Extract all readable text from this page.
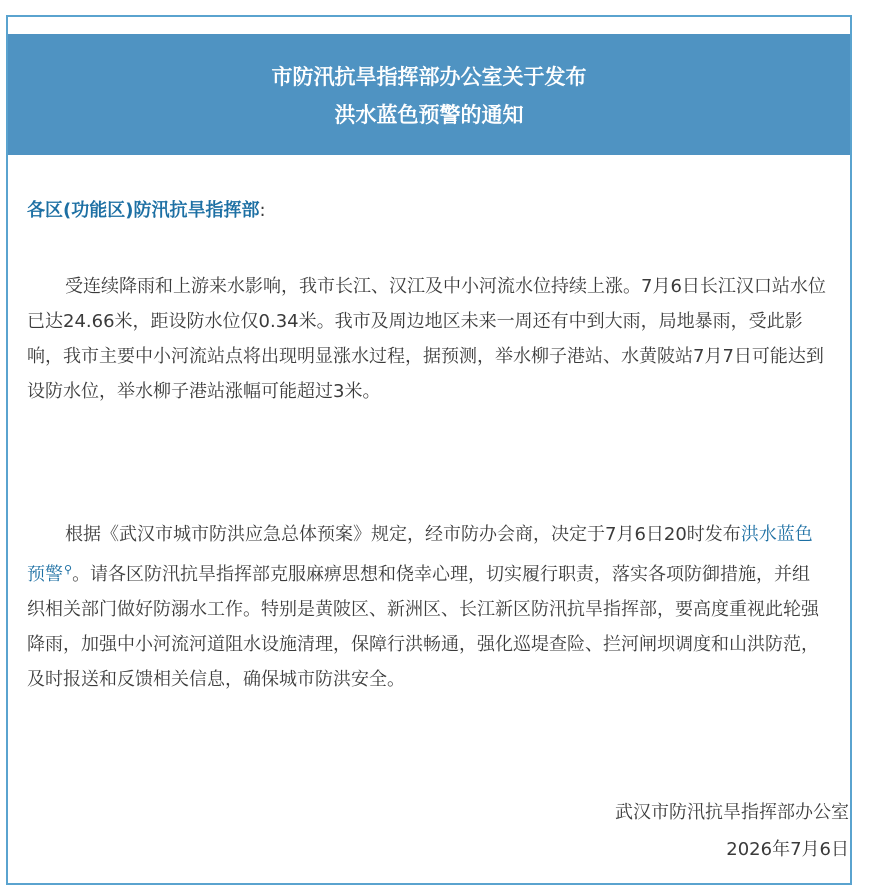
市防汛抗旱指挥部办公室关于发布
洪水蓝色预警的通知
各区(功能区)防汛抗旱指挥部:

受连续降雨和上游来水影响，我市长江、汉江及中小河流水位持续上涨。7月6日长江汉口站水位已达24.66米，距设防水位仅0.34米。我市及周边地区未来一周还有中到大雨，局地暴雨，受此影响，我市主要中小河流站点将出现明显涨水过程，据预测，举水柳子港站、水黄陂站7月7日可能达到设防水位，举水柳子港站涨幅可能超过3米。

根据《武汉市城市防洪应急总体预案》规定，经市防办会商，决定于7月6日20时发布洪水蓝色预警⚲。请各区防汛抗旱指挥部克服麻痹思想和侥幸心理，切实履行职责，落实各项防御措施，并组织相关部门做好防溺水工作。特别是黄陂区、新洲区、长江新区防汛抗旱指挥部，要高度重视此轮强降雨，加强中小河流河道阻水设施清理，保障行洪畅通，强化巡堤查险、拦河闸坝调度和山洪防范，及时报送和反馈相关信息，确保城市防洪安全。

武汉市防汛抗旱指挥部办公室
2026年7月6日
